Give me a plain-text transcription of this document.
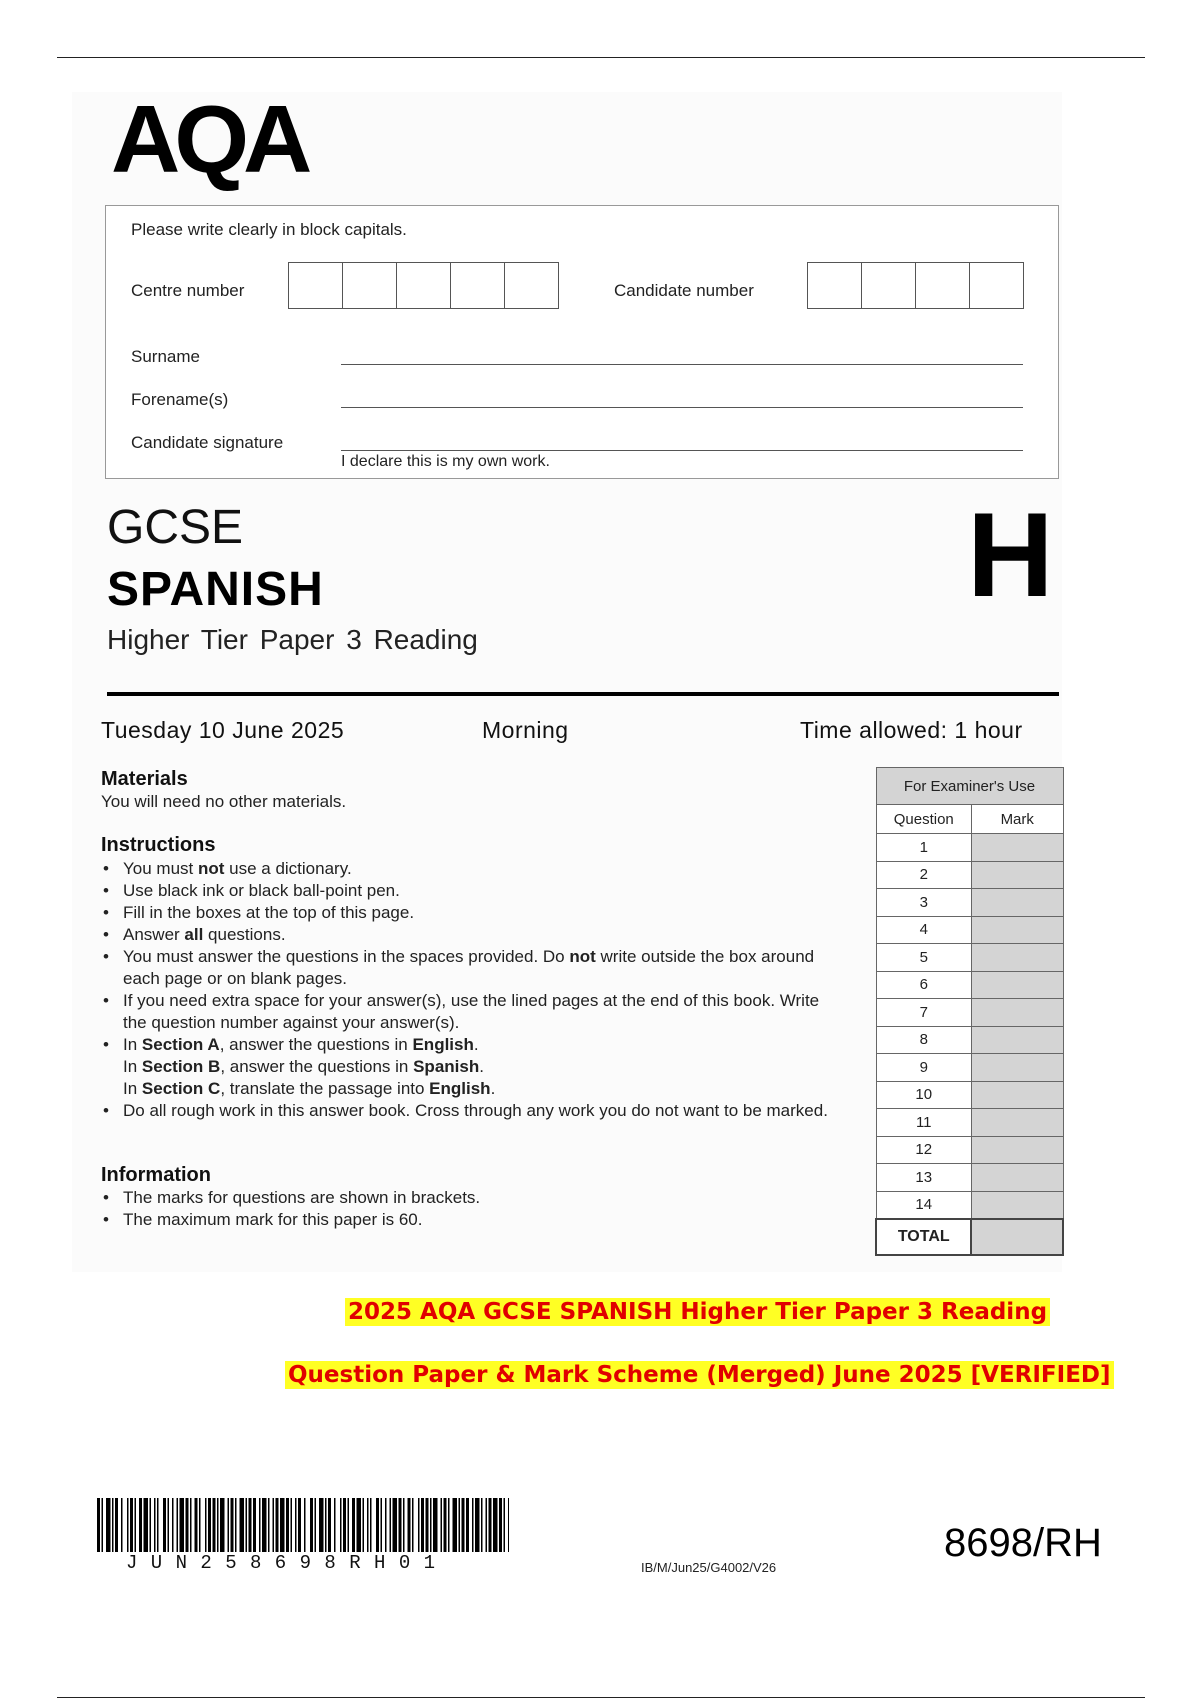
AQA
Please write clearly in block capitals.
Centre number	Candidate number
Surname
Forename(s)
Candidate signature
I declare this is my own work.
GCSE
SPANISH
Higher Tier Paper 3 Reading
H
Tuesday 10 June 2025	Morning	Time allowed: 1 hour
Materials
You will need no other materials.
Instructions
• You must not use a dictionary.
• Use black ink or black ball-point pen.
• Fill in the boxes at the top of this page.
• Answer all questions.
• You must answer the questions in the spaces provided. Do not write outside the box around each page or on blank pages.
• If you need extra space for your answer(s), use the lined pages at the end of this book. Write the question number against your answer(s).
• In Section A, answer the questions in English.
In Section B, answer the questions in Spanish.
In Section C, translate the passage into English.
• Do all rough work in this answer book. Cross through any work you do not want to be marked.
Information
• The marks for questions are shown in brackets.
• The maximum mark for this paper is 60.
For Examiner's Use	
Question	Mark
1	
2	
3	
4	
5	
6	
7	
8	
9	
10	
11	
12	
13	
14	
TOTAL	
2025 AQA GCSE SPANISH Higher Tier Paper 3 Reading
Question Paper & Mark Scheme (Merged) June 2025 [VERIFIED]
JUN258698RH01	IB/M/Jun25/G4002/V26
8698/RH
